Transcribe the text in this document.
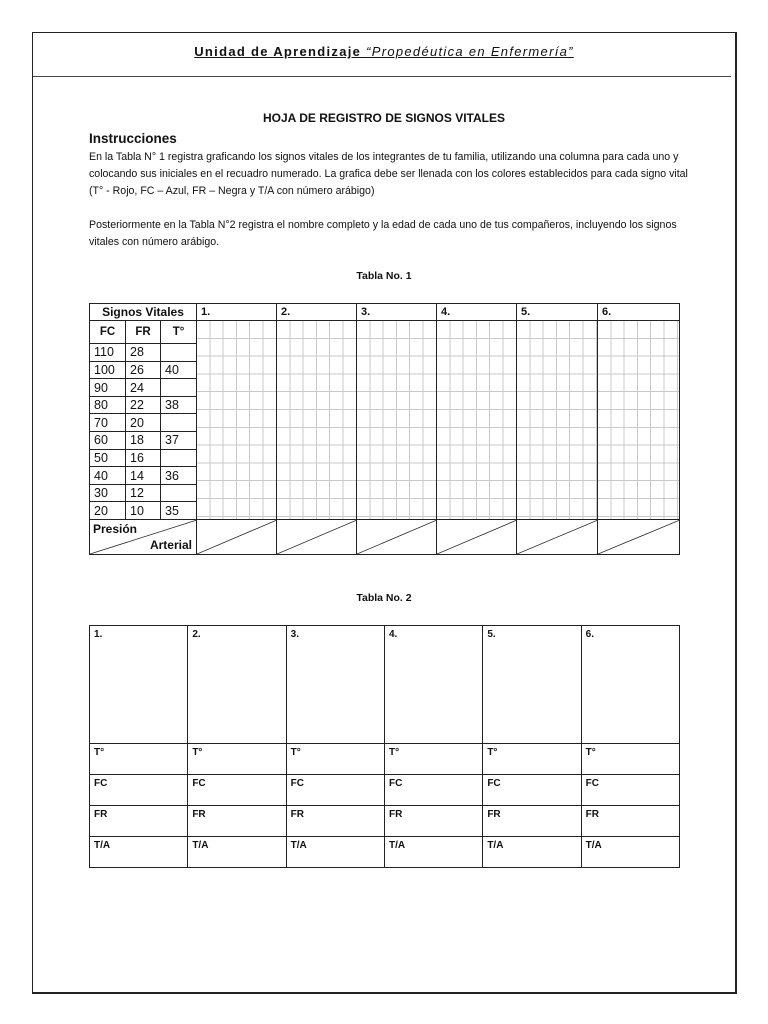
Unidad de Aprendizaje “Propedéutica en Enfermería”
HOJA DE REGISTRO DE SIGNOS VITALES
Instrucciones
En la Tabla N° 1 registra graficando los signos vitales de los integrantes de tu familia, utilizando una columna para cada uno y colocando sus iniciales en el recuadro numerado. La grafica debe ser llenada con los colores establecidos para cada signo vital (T° - Rojo, FC – Azul, FR – Negra y T/A con número arábigo)
Posteriormente en la Tabla N°2 registra el nombre completo y la edad de cada uno de tus compañeros, incluyendo los signos vitales con número arábigo.
Tabla No. 1
Signos Vitales			1.	2.	3.	4.	5.	6.
FC	FR	T°	

110	28							
100	26	40						
90	24							
80	22	38						
70	20							
60	18	37						
50	16							
40	14	36						
30	12							
20	10	35						

Presión
Arterial

Tabla No. 2
1.	2.	3.	4.	5.	6.
T°	T°	T°	T°	T°	T°
FC	FC	FC	FC	FC	FC
FR	FR	FR	FR	FR	FR
T/A	T/A	T/A	T/A	T/A	T/A
